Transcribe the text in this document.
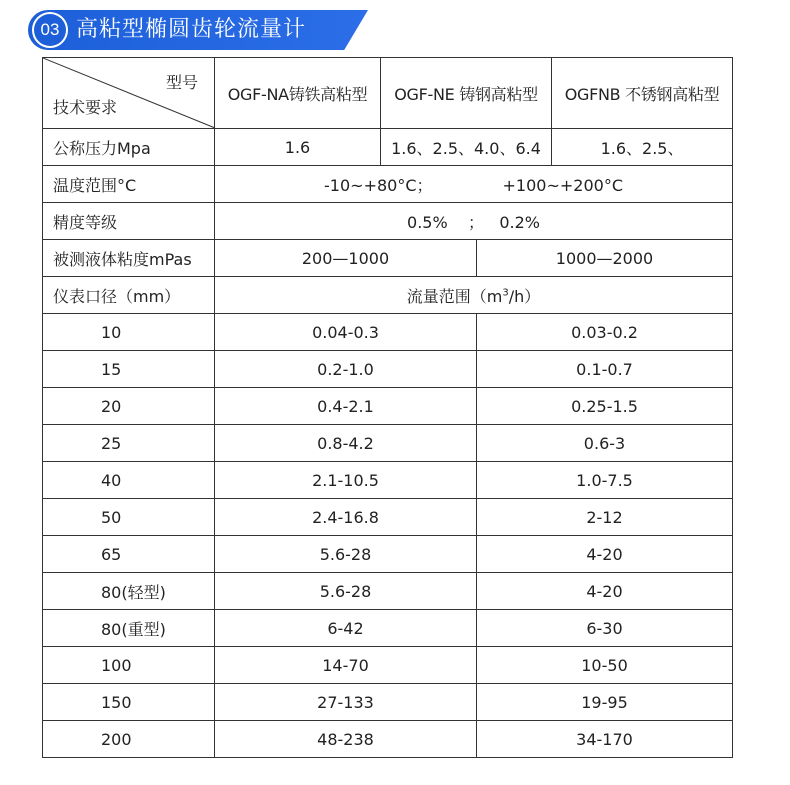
03 高粘型椭圆齿轮流量计
型号
技术要求	OGF-NA铸铁高粘型	OGF-NE 铸钢高粘型		OGFNB 不锈钢高粘型
公称压力Mpa	1.6	1.6、2.5、4.0、6.4		1.6、2.5、
温度范围°C	-10~+80°C； +100~+200°C			
精度等级	0.5% ； 0.2%			
被测液体粘度mPas	200—1000		1000—2000	
仪表口径（mm）	流量范围$(m^3/h)$			
10	0.04-0.3		0.03-0.2	
15	0.2-1.0		0.1-0.7	
20	0.4-2.1		0.25-1.5	
25	0.8-4.2		0.6-3	
40	2.1-10.5		1.0-7.5	
50	2.4-16.8		2-12	
65	5.6-28		4-20	
80(轻型)	5.6-28		4-20	
80(重型)	6-42		6-30	
100	14-70		10-50	
150	27-133		19-95	
200	48-238		34-170	
